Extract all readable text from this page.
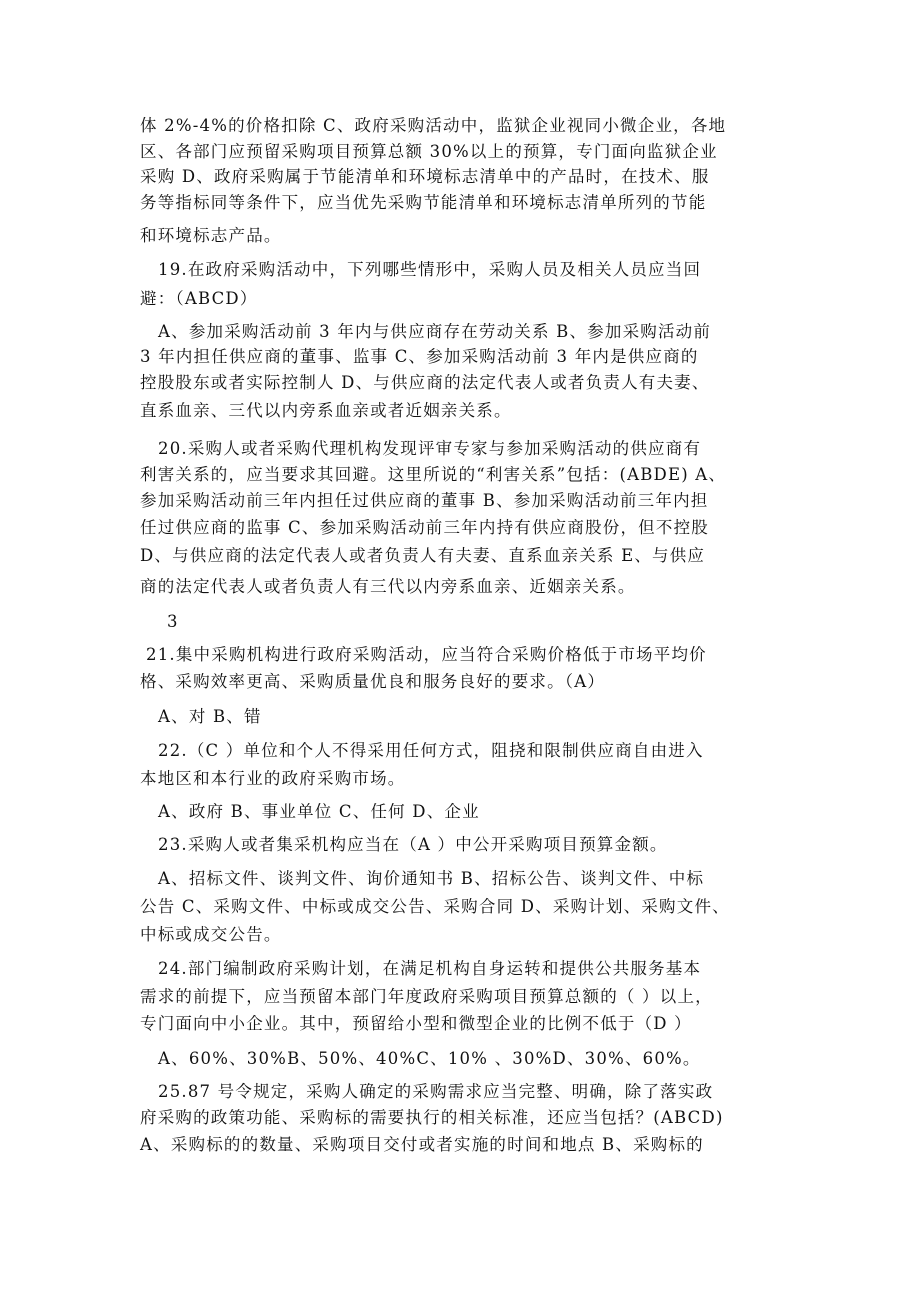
体 2%-4%的价格扣除 C、政府采购活动中，监狱企业视同小微企业，各地
区、各部门应预留采购项目预算总额 30%以上的预算，专门面向监狱企业
采购 D、政府采购属于节能清单和环境标志清单中的产品时，在技术、服
务等指标同等条件下，应当优先采购节能清单和环境标志清单所列的节能
和环境标志产品。
19.在政府采购活动中，下列哪些情形中，采购人员及相关人员应当回
避：（ABCD）
A、参加采购活动前 3 年内与供应商存在劳动关系 B、参加采购活动前
3 年内担任供应商的董事、监事 C、参加采购活动前 3 年内是供应商的
控股股东或者实际控制人 D、与供应商的法定代表人或者负责人有夫妻、
直系血亲、三代以内旁系血亲或者近姻亲关系。
20.采购人或者采购代理机构发现评审专家与参加采购活动的供应商有
利害关系的，应当要求其回避。这里所说的“利害关系”包括：(ABDE) A、
参加采购活动前三年内担任过供应商的董事 B、参加采购活动前三年内担
任过供应商的监事 C、参加采购活动前三年内持有供应商股份，但不控股
D、与供应商的法定代表人或者负责人有夫妻、直系血亲关系 E、与供应
商的法定代表人或者负责人有三代以内旁系血亲、近姻亲关系。
3
21.集中采购机构进行政府采购活动，应当符合采购价格低于市场平均价
格、采购效率更高、采购质量优良和服务良好的要求。（A）
A、对 B、错
22.（C ）单位和个人不得采用任何方式，阻挠和限制供应商自由进入
本地区和本行业的政府采购市场。
A、政府 B、事业单位 C、任何 D、企业
23.采购人或者集采机构应当在（A ）中公开采购项目预算金额。
A、招标文件、谈判文件、询价通知书 B、招标公告、谈判文件、中标
公告 C、采购文件、中标或成交公告、采购合同 D、采购计划、采购文件、
中标或成交公告。
24.部门编制政府采购计划，在满足机构自身运转和提供公共服务基本
需求的前提下，应当预留本部门年度政府采购项目预算总额的（ ）以上，
专门面向中小企业。其中，预留给小型和微型企业的比例不低于（D ）
A、60%、30%B、50%、40%C、10% 、30%D、30%、60%。
25.87 号令规定，采购人确定的采购需求应当完整、明确，除了落实政
府采购的政策功能、采购标的需要执行的相关标准，还应当包括？(ABCD)
A、采购标的的数量、采购项目交付或者实施的时间和地点 B、采购标的
